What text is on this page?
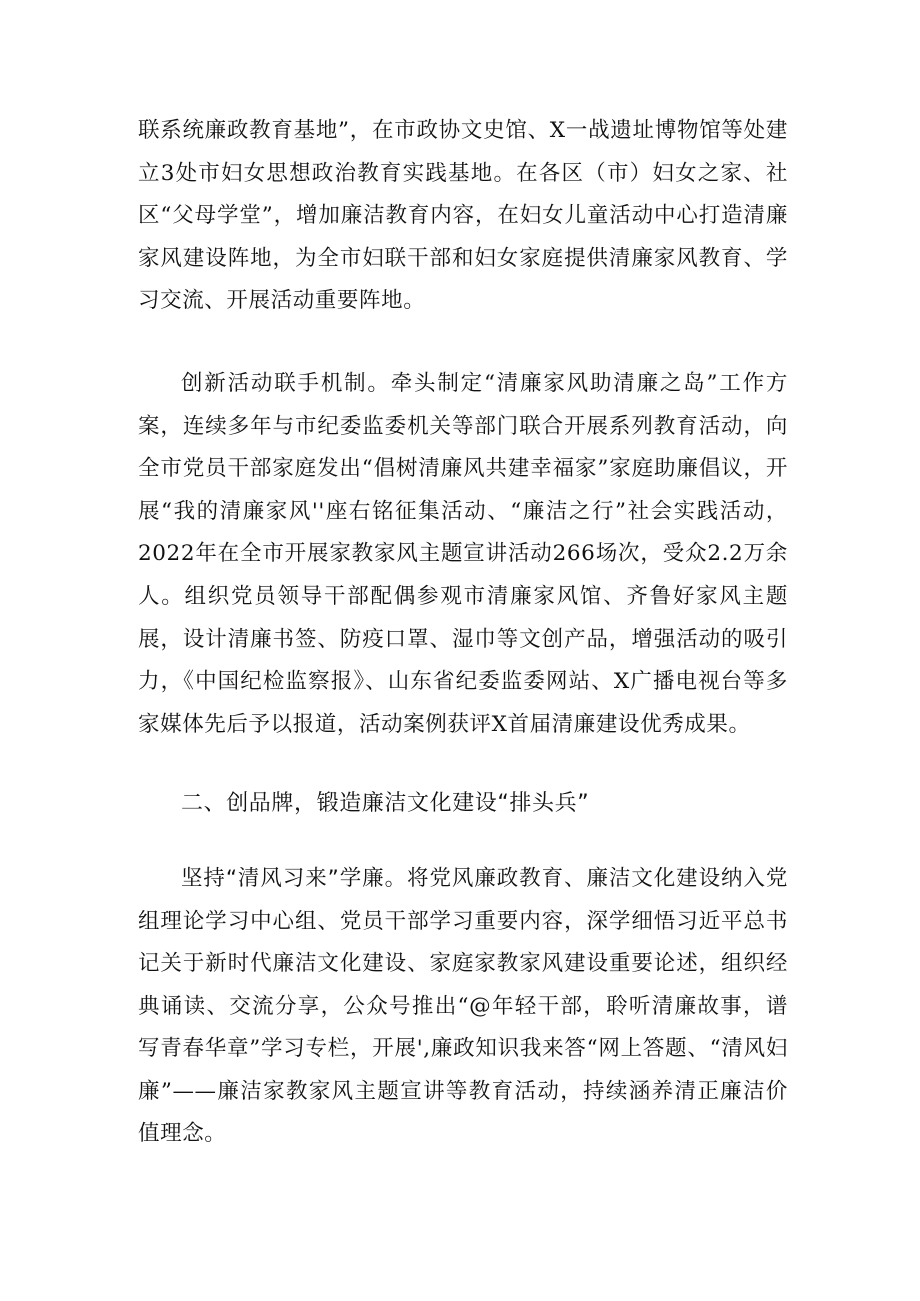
联系统廉政教育基地”，在市政协文史馆、X一战遗址博物馆等处建立3处市妇女思想政治教育实践基地。在各区（市）妇女之家、社区“父母学堂”，增加廉洁教育内容，在妇女儿童活动中心打造清廉家风建设阵地，为全市妇联干部和妇女家庭提供清廉家风教育、学习交流、开展活动重要阵地。

创新活动联手机制。牵头制定“清廉家风助清廉之岛”工作方案，连续多年与市纪委监委机关等部门联合开展系列教育活动，向全市党员干部家庭发出“倡树清廉风共建幸福家”家庭助廉倡议，开展“我的清廉家风''座右铭征集活动、“廉洁之行”社会实践活动，2022年在全市开展家教家风主题宣讲活动266场次，受众2.2万余人。组织党员领导干部配偶参观市清廉家风馆、齐鲁好家风主题展，设计清廉书签、防疫口罩、湿巾等文创产品，增强活动的吸引力，《中国纪检监察报》、山东省纪委监委网站、X广播电视台等多家媒体先后予以报道，活动案例获评X首届清廉建设优秀成果。

二、创品牌，锻造廉洁文化建设“排头兵”

坚持“清风习来”学廉。将党风廉政教育、廉洁文化建设纳入党组理论学习中心组、党员干部学习重要内容，深学细悟习近平总书记关于新时代廉洁文化建设、家庭家教家风建设重要论述，组织经典诵读、交流分享，公众号推出“@年轻干部，聆听清廉故事，谱写青春华章”学习专栏，开展',廉政知识我来答“网上答题、“清风妇廉”——廉洁家教家风主题宣讲等教育活动，持续涵养清正廉洁价值理念。
